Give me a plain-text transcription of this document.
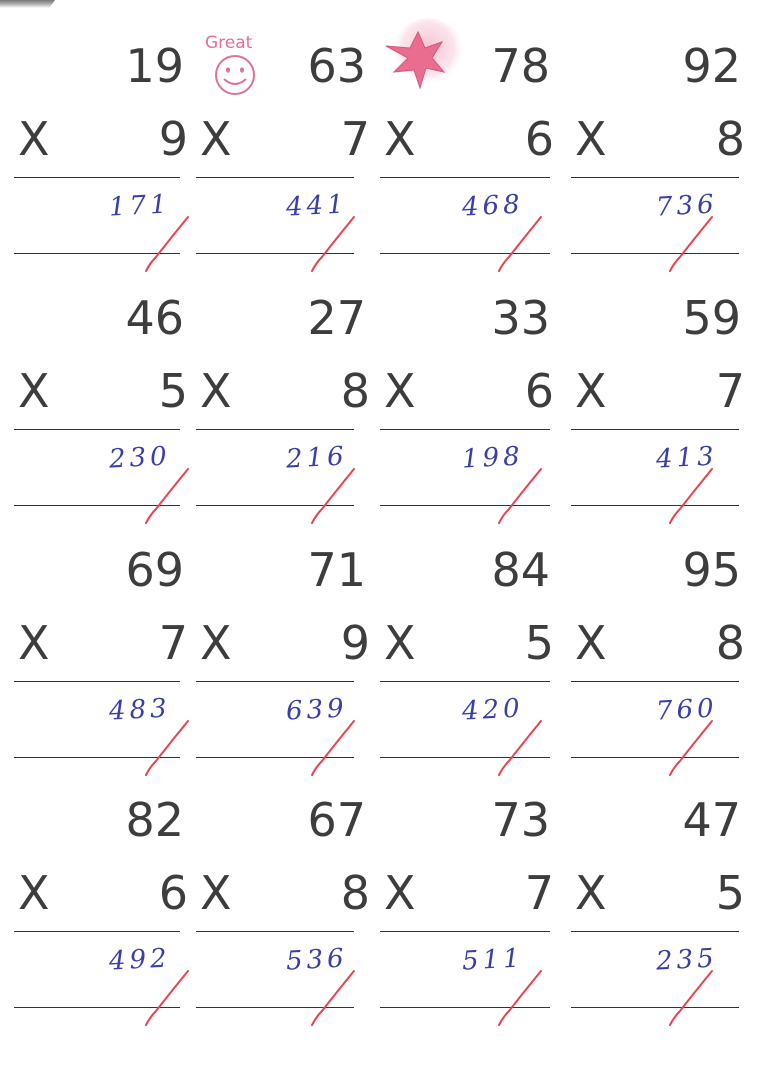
Great
19
X 9
171
63
X 7
441
78
X 6
468
92
X 8
736
46
X 5
230
27
X 8
216
33
X 6
198
59
X 7
413
69
X 7
483
71
X 9
639
84
X 5
420
95
X 8
760
82
X 6
492
67
X 8
536
73
X 7
511
47
X 5
235
